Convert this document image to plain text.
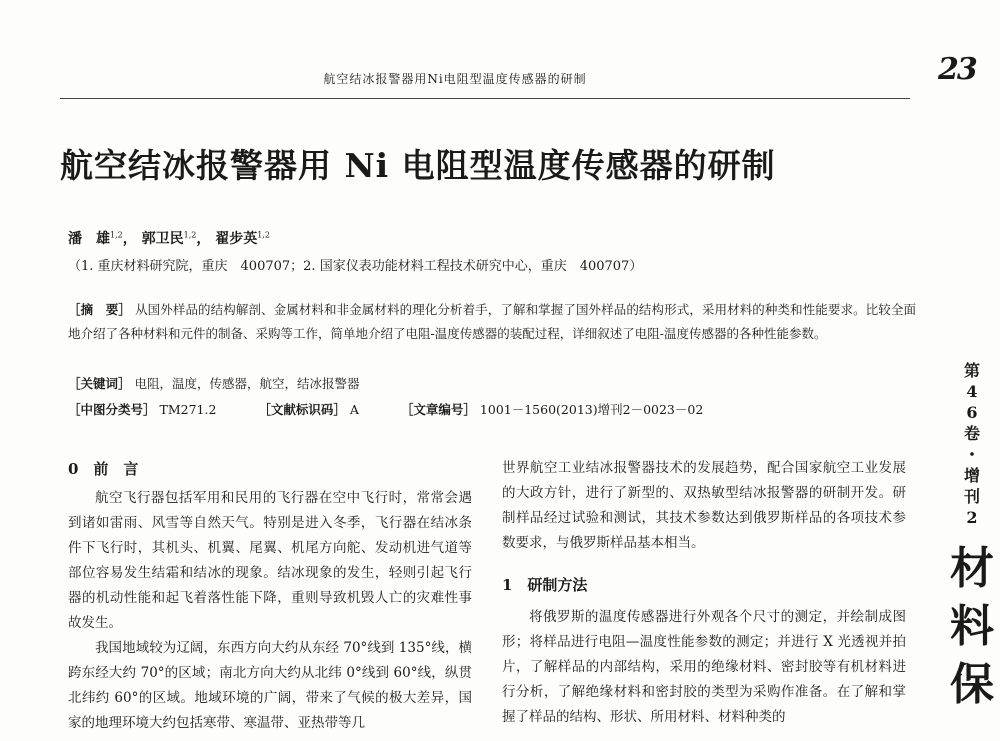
航空结冰报警器用Ni电阻型温度传感器的研制	23
航空结冰报警器用 Ni 电阻型温度传感器的研制
潘　雄$^{1,2}$， 郭卫民$^{1,2}$， 翟步英$^{1,2}$
（1. 重庆材料研究院，重庆　400707；2. 国家仪表功能材料工程技术研究中心，重庆　400707）
［摘　要］ 从国外样品的结构解剖、金属材料和非金属材料的理化分析着手，了解和掌握了国外样品的结构形式，采用材料的种类和性能要求。比较全面地介绍了各种材料和元件的制备、采购等工作，简单地介绍了电阻-温度传感器的装配过程，详细叙述了电阻-温度传感器的各种性能参数。
［关键词］ 电阻，温度，传感器，航空，结冰报警器
［中图分类号］ TM271.2	［文献标识码］ A	［文章编号］ 1001－1560(2013)增刊2－0023－02
0　前　言

航空飞行器包括军用和民用的飞行器在空中飞行时，常常会遇到诸如雷雨、风雪等自然天气。特别是进入冬季，飞行器在结冰条件下飞行时，其机头、机翼、尾翼、机尾方向舵、发动机进气道等部位容易发生结霜和结冰的现象。结冰现象的发生，轻则引起飞行器的机动性能和起飞着落性能下降，重则导致机毁人亡的灾难性事故发生。

我国地域较为辽阔，东西方向大约从东经 70°线到 135°线，横跨东经大约 70°的区域；南北方向大约从北纬 0°线到 60°线，纵贯北纬约 60°的区域。地域环境的广阔，带来了气候的极大差异，国家的地理环境大约包括寒带、寒温带、亚热带等几

世界航空工业结冰报警器技术的发展趋势，配合国家航空工业发展的大政方针，进行了新型的、双热敏型结冰报警器的研制开发。研制样品经过试验和测试，其技术参数达到俄罗斯样品的各项技术参数要求，与俄罗斯样品基本相当。

1　研制方法

将俄罗斯的温度传感器进行外观各个尺寸的测定，并绘制成图形；将样品进行电阻—温度性能参数的测定；并进行 X 光透视并拍片，了解样品的内部结构，采用的绝缘材料、密封胶等有机材料进行分析，了解绝缘材料和密封胶的类型为采购作准备。在了解和掌握了样品的结构、形状、所用材料、材料种类的

第
4
6
卷
・
增
刊
2
材
料
保
